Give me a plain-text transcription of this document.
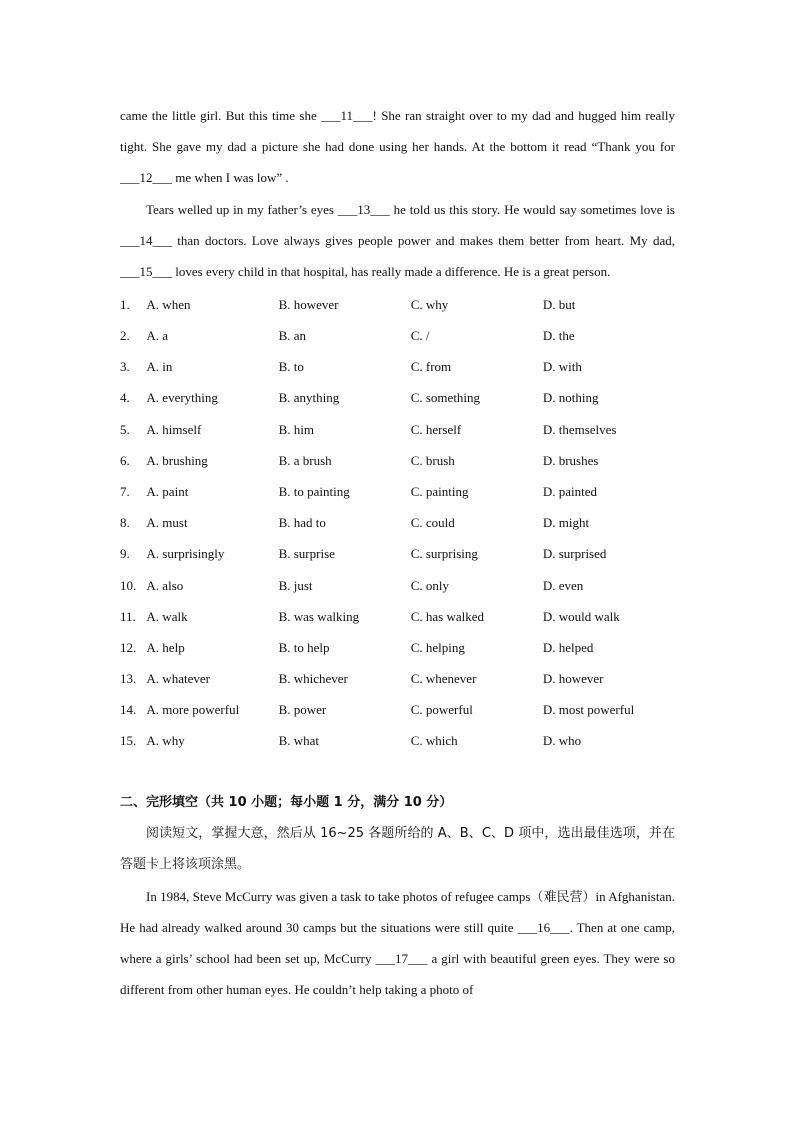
came the little girl. But this time she ___11___! She ran straight over to my dad and hugged him really tight. She gave my dad a picture she had done using her hands. At the bottom it read “Thank you for ___12___ me when I was low” .

Tears welled up in my father’s eyes ___13___ he told us this story. He would say sometimes love is ___14___ than doctors. Love always gives people power and makes them better from heart. My dad, ___15___ loves every child in that hospital, has really made a difference. He is a great person.

1.	A. when	B. however	C. why	D. but
2.	A. a	B. an	C. /	D. the
3.	A. in	B. to	C. from	D. with
4.	A. everything	B. anything	C. something	D. nothing
5.	A. himself	B. him	C. herself	D. themselves
6.	A. brushing	B. a brush	C. brush	D. brushes
7.	A. paint	B. to painting	C. painting	D. painted
8.	A. must	B. had to	C. could	D. might
9.	A. surprisingly	B. surprise	C. surprising	D. surprised
10. A. also	B. just	C. only	D. even
11. A. walk	B. was walking	C. has walked	D. would walk
12. A. help	B. to help	C. helping	D. helped
13. A. whatever	B. whichever	C. whenever	D. however
14. A. more powerful	B. power	C. powerful	D. most powerful
15. A. why	B. what	C. which	D. who
二、完形填空（共 10 小题；每小题 1 分，满分 10 分）

阅读短文，掌握大意，然后从 16~25 各题所给的 A、B、C、D 项中，选出最佳选项，并在答题卡上将该项涂黑。

In 1984, Steve McCurry was given a task to take photos of refugee camps（难民营）in Afghanistan. He had already walked around 30 camps but the situations were still quite ___16___. Then at one camp, where a girls’ school had been set up, McCurry ___17___ a girl with beautiful green eyes. They were so different from other human eyes. He couldn’t help taking a photo of
